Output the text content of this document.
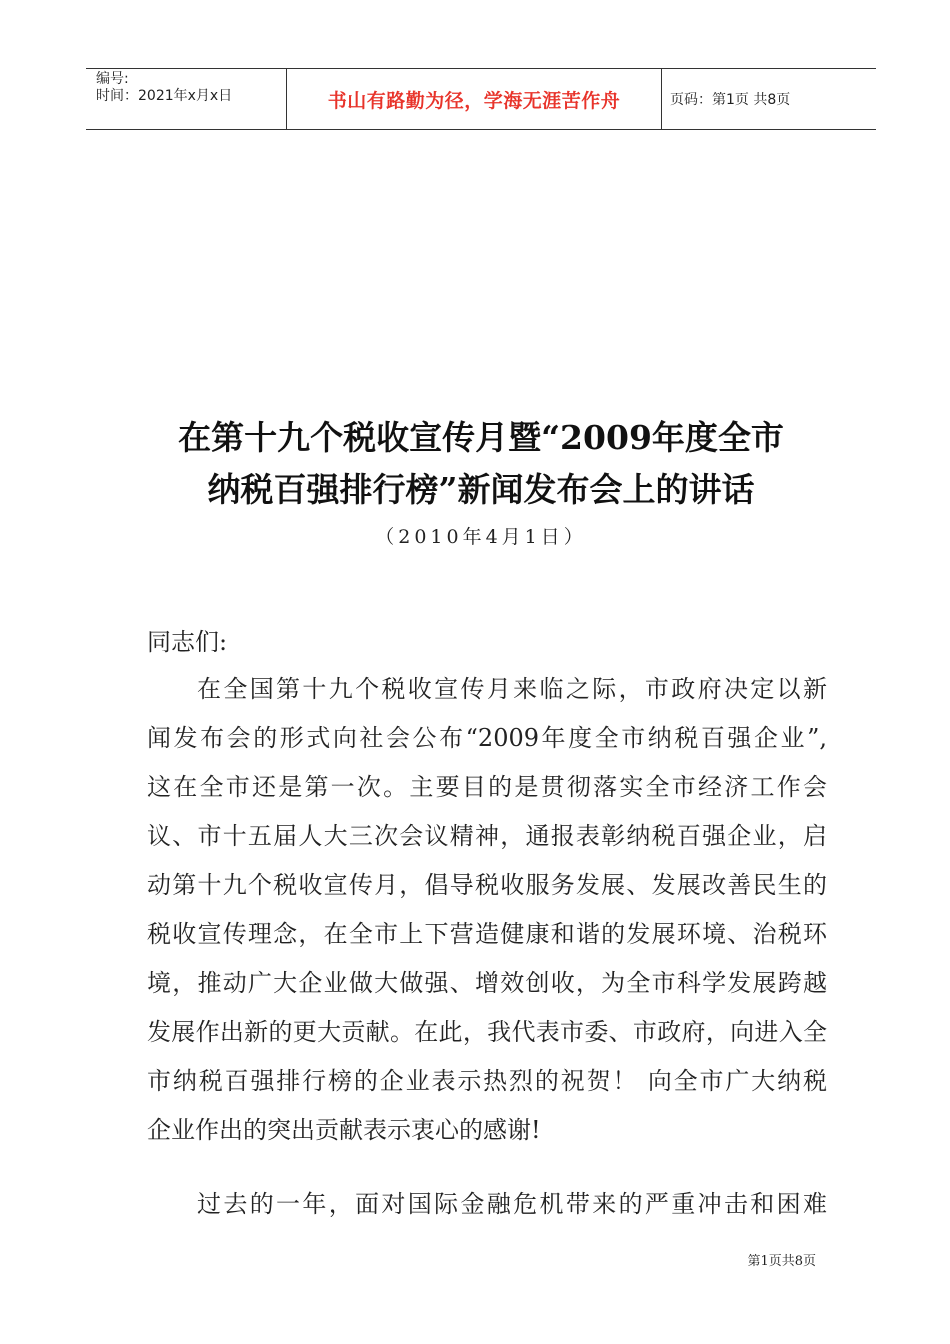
编号:
时间：2021年x月x日	书山有路勤为径，学海无涯苦作舟	页码：第1页 共8页
在第十九个税收宣传月暨“2009年度全市
纳税百强排行榜”新闻发布会上的讲话
（2010年4月1日）
同志们:
在全国第十九个税收宣传月来临之际，市政府决定以新
闻发布会的形式向社会公布“2009年度全市纳税百强企业”,
这在全市还是第一次。主要目的是贯彻落实全市经济工作会
议、市十五届人大三次会议精神，通报表彰纳税百强企业，启
动第十九个税收宣传月，倡导税收服务发展、发展改善民生的
税收宣传理念，在全市上下营造健康和谐的发展环境、治税环
境，推动广大企业做大做强、增效创收，为全市科学发展跨越
发展作出新的更大贡献。在此，我代表市委、市政府，向进入全
市纳税百强排行榜的企业表示热烈的祝贺！ 向全市广大纳税
企业作出的突出贡献表示衷心的感谢!
过去的一年，面对国际金融危机带来的严重冲击和困难
第1页共8页
